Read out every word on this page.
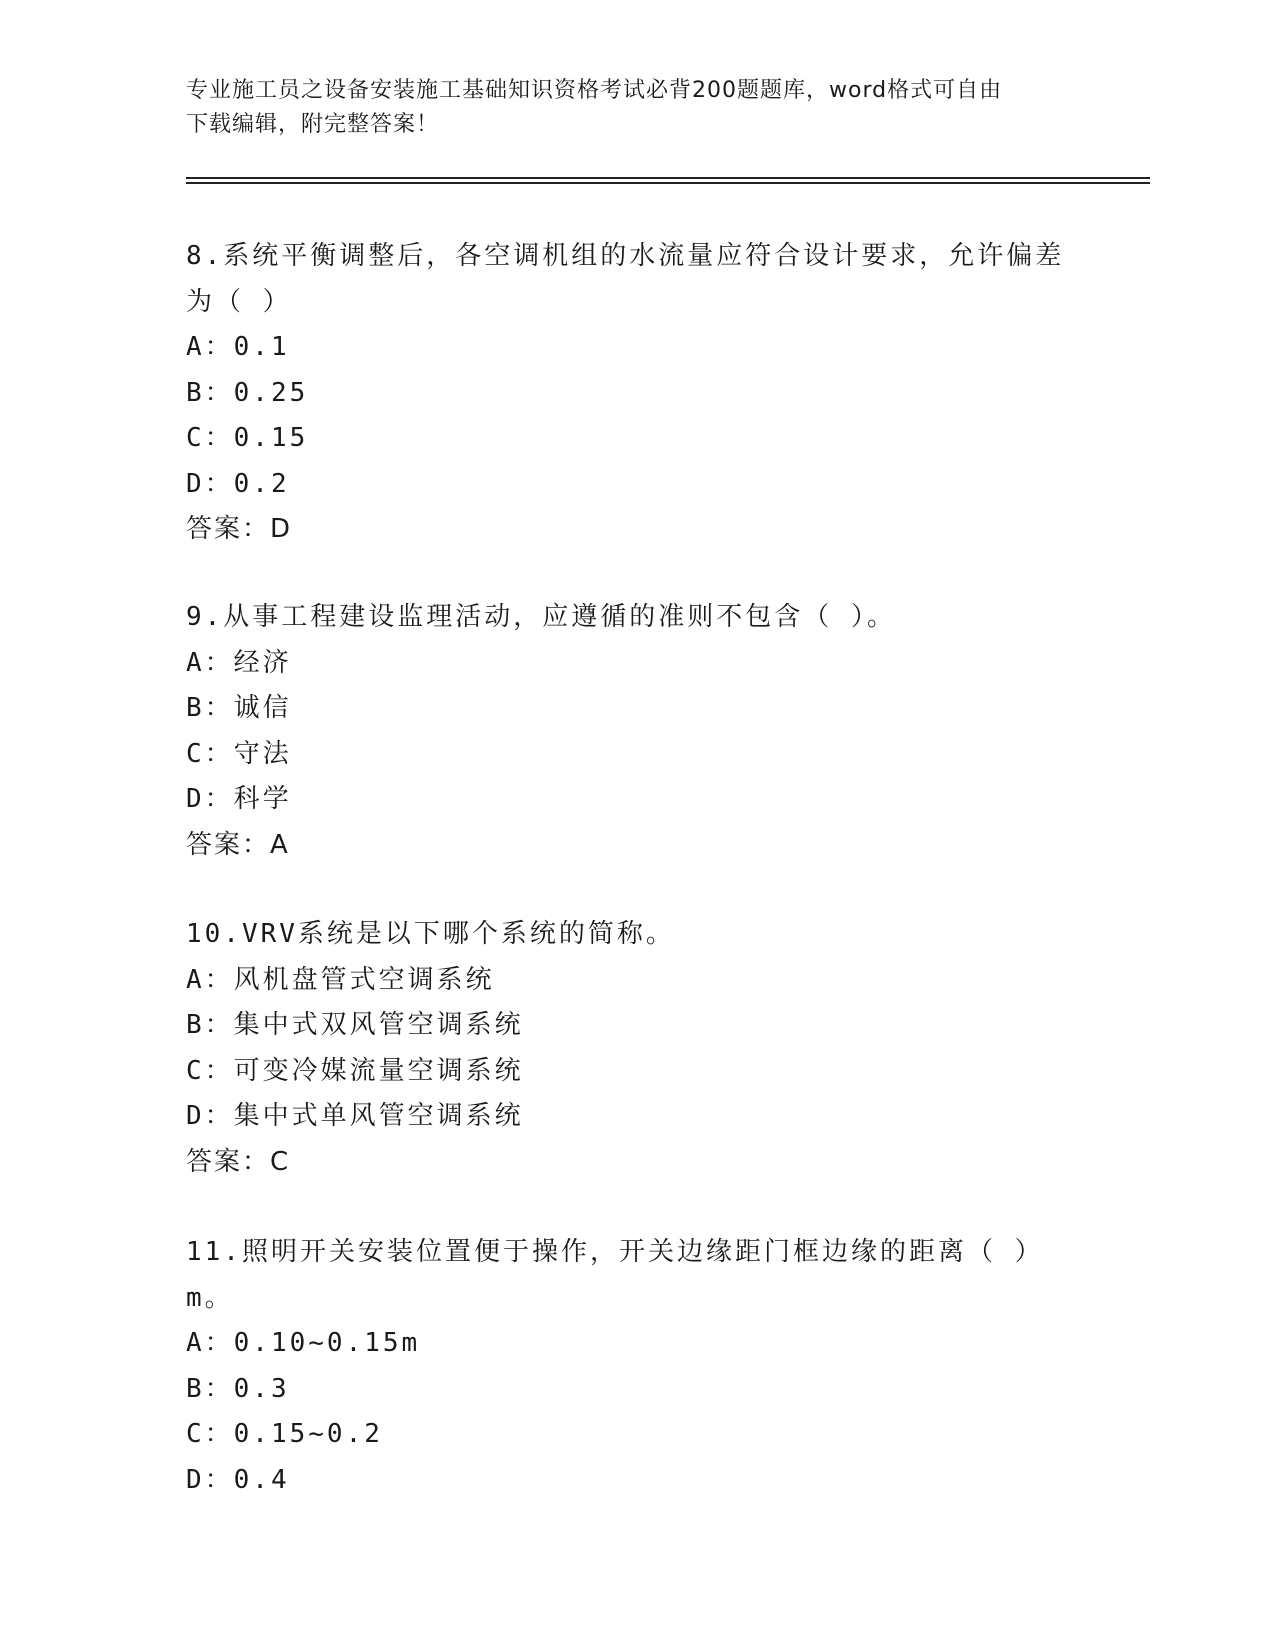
专业施工员之设备安装施工基础知识资格考试必背200题题库，word格式可自由
下载编辑，附完整答案！
8.系统平衡调整后，各空调机组的水流量应符合设计要求，允许偏差为（ ）
A：0.1
B：0.25
C：0.15
D：0.2
答案：D
9.从事工程建设监理活动，应遵循的准则不包含（ ）。
A：经济
B：诚信
C：守法
D：科学
答案：A
10.VRV系统是以下哪个系统的简称。
A：风机盘管式空调系统
B：集中式双风管空调系统
C：可变冷媒流量空调系统
D：集中式单风管空调系统
答案：C
11.照明开关安装位置便于操作，开关边缘距门框边缘的距离（ ）m。
A：0.10~0.15m
B：0.3
C：0.15~0.2
D：0.4
